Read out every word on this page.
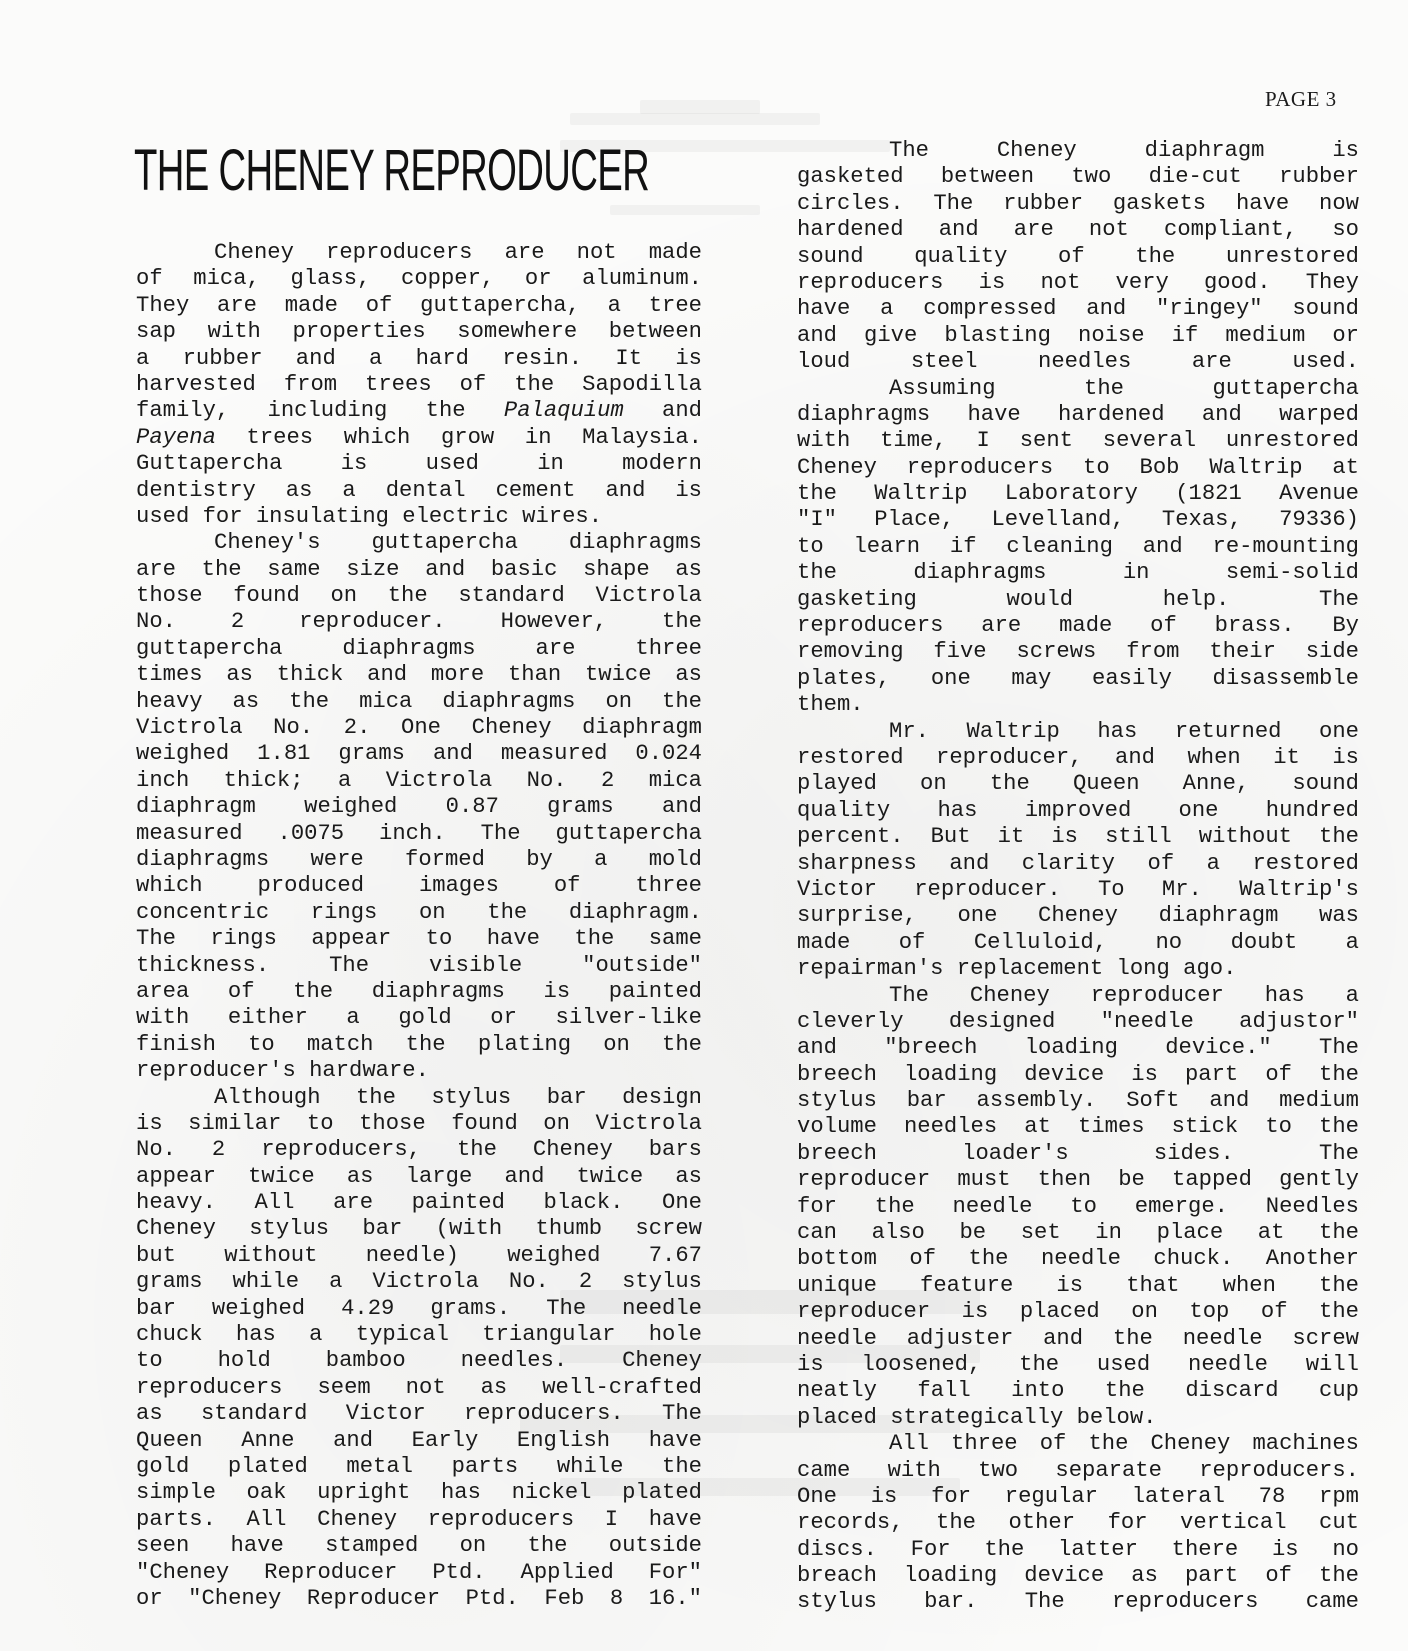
PAGE 3
THE CHENEY REPRODUCER
Cheney reproducers are not made
of mica, glass, copper, or aluminum.
They are made of guttapercha, a tree
sap with properties somewhere between
a rubber and a hard resin. It is
harvested from trees of the Sapodilla
family, including the Palaquium and
Payena trees which grow in Malaysia.
Guttapercha is used in modern
dentistry as a dental cement and is
used for insulating electric wires.
Cheney's guttapercha diaphragms
are the same size and basic shape as
those found on the standard Victrola
No. 2 reproducer. However, the
guttapercha diaphragms are three
times as thick and more than twice as
heavy as the mica diaphragms on the
Victrola No. 2. One Cheney diaphragm
weighed 1.81 grams and measured 0.024
inch thick; a Victrola No. 2 mica
diaphragm weighed 0.87 grams and
measured .0075 inch. The guttapercha
diaphragms were formed by a mold
which produced images of three
concentric rings on the diaphragm.
The rings appear to have the same
thickness. The visible "outside"
area of the diaphragms is painted
with either a gold or silver-like
finish to match the plating on the
reproducer's hardware.
Although the stylus bar design
is similar to those found on Victrola
No. 2 reproducers, the Cheney bars
appear twice as large and twice as
heavy. All are painted black. One
Cheney stylus bar (with thumb screw
but without needle) weighed 7.67
grams while a Victrola No. 2 stylus
bar weighed 4.29 grams. The needle
chuck has a typical triangular hole
to hold bamboo needles. Cheney
reproducers seem not as well-crafted
as standard Victor reproducers. The
Queen Anne and Early English have
gold plated metal parts while the
simple oak upright has nickel plated
parts. All Cheney reproducers I have
seen have stamped on the outside
"Cheney Reproducer Ptd. Applied For"
or "Cheney Reproducer Ptd. Feb 8 16."
The Cheney diaphragm is
gasketed between two die-cut rubber
circles. The rubber gaskets have now
hardened and are not compliant, so
sound quality of the unrestored
reproducers is not very good. They
have a compressed and "ringey" sound
and give blasting noise if medium or
loud steel needles are used.
Assuming the guttapercha
diaphragms have hardened and warped
with time, I sent several unrestored
Cheney reproducers to Bob Waltrip at
the Waltrip Laboratory (1821 Avenue
"I" Place, Levelland, Texas, 79336)
to learn if cleaning and re-mounting
the diaphragms in semi-solid
gasketing would help. The
reproducers are made of brass. By
removing five screws from their side
plates, one may easily disassemble
them.
Mr. Waltrip has returned one
restored reproducer, and when it is
played on the Queen Anne, sound
quality has improved one hundred
percent. But it is still without the
sharpness and clarity of a restored
Victor reproducer. To Mr. Waltrip's
surprise, one Cheney diaphragm was
made of Celluloid, no doubt a
repairman's replacement long ago.
The Cheney reproducer has a
cleverly designed "needle adjustor"
and "breech loading device." The
breech loading device is part of the
stylus bar assembly. Soft and medium
volume needles at times stick to the
breech loader's sides. The
reproducer must then be tapped gently
for the needle to emerge. Needles
can also be set in place at the
bottom of the needle chuck. Another
unique feature is that when the
reproducer is placed on top of the
needle adjuster and the needle screw
is loosened, the used needle will
neatly fall into the discard cup
placed strategically below.
All three of the Cheney machines
came with two separate reproducers.
One is for regular lateral 78 rpm
records, the other for vertical cut
discs. For the latter there is no
breach loading device as part of the
stylus bar. The reproducers came
